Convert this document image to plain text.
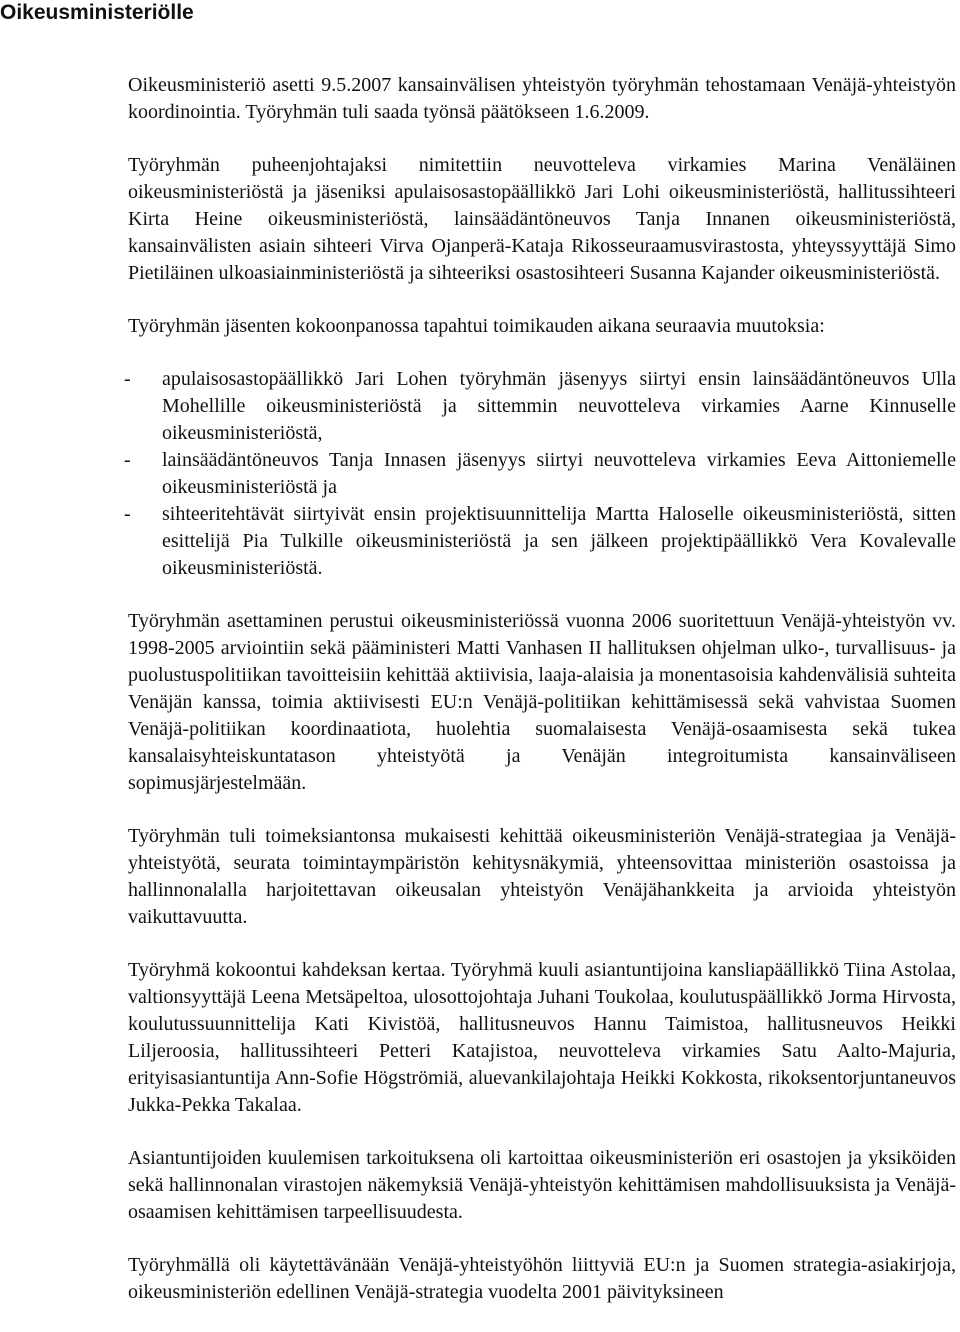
Oikeusministeriölle

Oikeusministeriö asetti 9.5.2007 kansainvälisen yhteistyön työryhmän tehostamaan Venäjä-yhteistyön koordinointia. Työryhmän tuli saada työnsä päätökseen 1.6.2009.

Työryhmän puheenjohtajaksi nimitettiin neuvotteleva virkamies Marina Venäläinen oikeusministeriöstä ja jäseniksi apulaisosastopäällikkö Jari Lohi oikeusministeriöstä, hallitussihteeri Kirta Heine oikeusministeriöstä, lainsäädäntöneuvos Tanja Innanen oikeusministeriöstä, kansainvälisten asiain sihteeri Virva Ojanperä-Kataja Rikosseuraamusvirastosta, yhteyssyyttäjä Simo Pietiläinen ulkoasiainministeriöstä ja sihteeriksi osastosihteeri Susanna Kajander oikeusministeriöstä.

Työryhmän jäsenten kokoonpanossa tapahtui toimikauden aikana seuraavia muutoksia:

- apulaisosastopäällikkö Jari Lohen työryhmän jäsenyys siirtyi ensin lainsäädäntöneuvos Ulla Mohellille oikeusministeriöstä ja sittemmin neuvotteleva virkamies Aarne Kinnuselle oikeusministeriöstä,
- lainsäädäntöneuvos Tanja Innasen jäsenyys siirtyi neuvotteleva virkamies Eeva Aittoniemelle oikeusministeriöstä ja
- sihteeritehtävät siirtyivät ensin projektisuunnittelija Martta Haloselle oikeusministeriöstä, sitten esittelijä Pia Tulkille oikeusministeriöstä ja sen jälkeen projektipäällikkö Vera Kovalevalle oikeusministeriöstä.

Työryhmän asettaminen perustui oikeusministeriössä vuonna 2006 suoritettuun Venäjä-yhteistyön vv. 1998-2005 arviointiin sekä pääministeri Matti Vanhasen II hallituksen ohjelman ulko-, turvallisuus- ja puolustuspolitiikan tavoitteisiin kehittää aktiivisia, laaja-alaisia ja monentasoisia kahdenvälisiä suhteita Venäjän kanssa, toimia aktiivisesti EU:n Venäjä-politiikan kehittämisessä sekä vahvistaa Suomen Venäjä-politiikan koordinaatiota, huolehtia suomalaisesta Venäjä-osaamisesta sekä tukea kansalaisyhteiskuntatason yhteistyötä ja Venäjän integroitumista kansainväliseen sopimusjärjestelmään.

Työryhmän tuli toimeksiantonsa mukaisesti kehittää oikeusministeriön Venäjä-strategiaa ja Venäjä-yhteistyötä, seurata toimintaympäristön kehitysnäkymiä, yhteensovittaa ministeriön osastoissa ja hallinnonalalla harjoitettavan oikeusalan yhteistyön Venäjähankkeita ja arvioida yhteistyön vaikuttavuutta.

Työryhmä kokoontui kahdeksan kertaa. Työryhmä kuuli asiantuntijoina kansliapäällikkö Tiina Astolaa, valtionsyyttäjä Leena Metsäpeltoa, ulosottojohtaja Juhani Toukolaa, koulutuspäällikkö Jorma Hirvosta, koulutussuunnittelija Kati Kivistöä, hallitusneuvos Hannu Taimistoa, hallitusneuvos Heikki Liljeroosia, hallitussihteeri Petteri Katajistoa, neuvotteleva virkamies Satu Aalto-Majuria, erityisasiantuntija Ann-Sofie Högströmiä, aluevankilajohtaja Heikki Kokkosta, rikoksentorjuntaneuvos Jukka-Pekka Takalaa.

Asiantuntijoiden kuulemisen tarkoituksena oli kartoittaa oikeusministeriön eri osastojen ja yksiköiden sekä hallinnonalan virastojen näkemyksiä Venäjä-yhteistyön kehittämisen mahdollisuuksista ja Venäjä-osaamisen kehittämisen tarpeellisuudesta.

Työryhmällä oli käytettävänään Venäjä-yhteistyöhön liittyviä EU:n ja Suomen strategia-asiakirjoja, oikeusministeriön edellinen Venäjä-strategia vuodelta 2001 päivityksineen
